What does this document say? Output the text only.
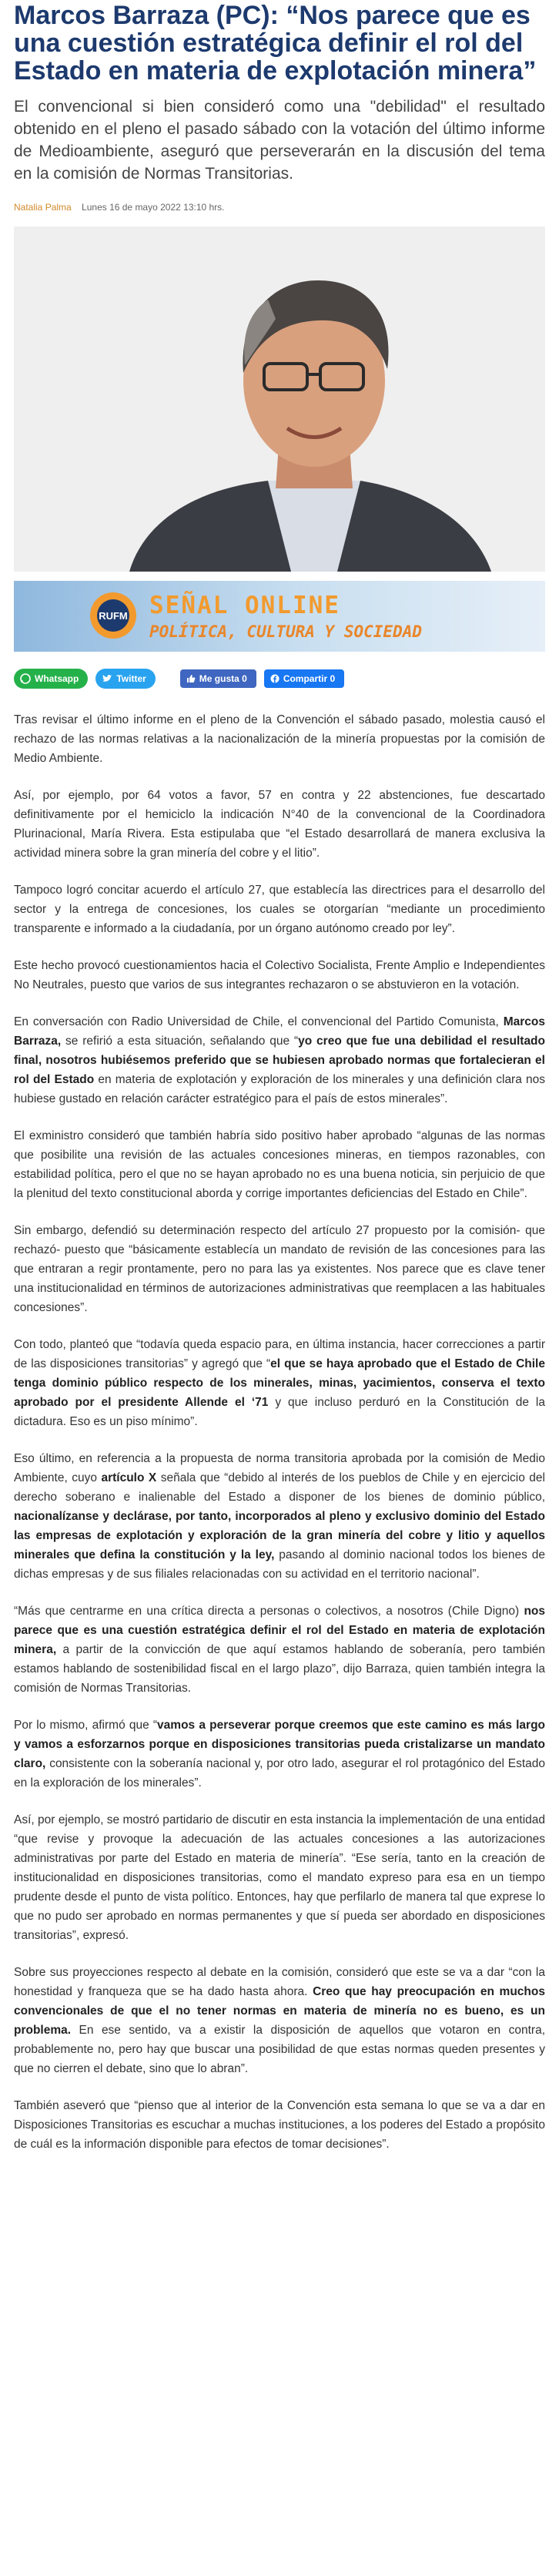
Marcos Barraza (PC): “Nos parece que es una cuestión estratégica definir el rol del Estado en materia de explotación minera”

El convencional si bien consideró como una "debilidad" el resultado obtenido en el pleno el pasado sábado con la votación del último informe de Medioambiente, aseguró que perseverarán en la discusión del tema en la comisión de Normas Transitorias.

Natalia Palma Lunes 16 de mayo 2022 13:10 hrs.
RUFM SEÑAL ONLINE
POLÍTICA, CULTURA Y SOCIEDAD
Whatsapp	Twitter	Me gusta 0	Compartir 0

Tras revisar el último informe en el pleno de la Convención el sábado pasado, molestia causó el rechazo de las normas relativas a la nacionalización de la minería propuestas por la comisión de Medio Ambiente.

Así, por ejemplo, por 64 votos a favor, 57 en contra y 22 abstenciones, fue descartado definitivamente por el hemiciclo la indicación N°40 de la convencional de la Coordinadora Plurinacional, María Rivera. Esta estipulaba que “el Estado desarrollará de manera exclusiva la actividad minera sobre la gran minería del cobre y el litio”.

Tampoco logró concitar acuerdo el artículo 27, que establecía las directrices para el desarrollo del sector y la entrega de concesiones, los cuales se otorgarían “mediante un procedimiento transparente e informado a la ciudadanía, por un órgano autónomo creado por ley”.

Este hecho provocó cuestionamientos hacia el Colectivo Socialista, Frente Amplio e Independientes No Neutrales, puesto que varios de sus integrantes rechazaron o se abstuvieron en la votación.

En conversación con Radio Universidad de Chile, el convencional del Partido Comunista, Marcos Barraza, se refirió a esta situación, señalando que “yo creo que fue una debilidad el resultado final, nosotros hubiésemos preferido que se hubiesen aprobado normas que fortalecieran el rol del Estado en materia de explotación y exploración de los minerales y una definición clara nos hubiese gustado en relación carácter estratégico para el país de estos minerales”.

El exministro consideró que también habría sido positivo haber aprobado “algunas de las normas que posibilite una revisión de las actuales concesiones mineras, en tiempos razonables, con estabilidad política, pero el que no se hayan aprobado no es una buena noticia, sin perjuicio de que la plenitud del texto constitucional aborda y corrige importantes deficiencias del Estado en Chile”.

Sin embargo, defendió su determinación respecto del artículo 27 propuesto por la comisión- que rechazó- puesto que “básicamente establecía un mandato de revisión de las concesiones para las que entraran a regir prontamente, pero no para las ya existentes. Nos parece que es clave tener una institucionalidad en términos de autorizaciones administrativas que reemplacen a las habituales concesiones”.

Con todo, planteó que “todavía queda espacio para, en última instancia, hacer correcciones a partir de las disposiciones transitorias” y agregó que “el que se haya aprobado que el Estado de Chile tenga dominio público respecto de los minerales, minas, yacimientos, conserva el texto aprobado por el presidente Allende el ‘71 y que incluso perduró en la Constitución de la dictadura. Eso es un piso mínimo”.

Eso último, en referencia a la propuesta de norma transitoria aprobada por la comisión de Medio Ambiente, cuyo artículo X señala que “debido al interés de los pueblos de Chile y en ejercicio del derecho soberano e inalienable del Estado a disponer de los bienes de dominio público, nacionalízanse y declárase, por tanto, incorporados al pleno y exclusivo dominio del Estado las empresas de explotación y exploración de la gran minería del cobre y litio y aquellos minerales que defina la constitución y la ley, pasando al dominio nacional todos los bienes de dichas empresas y de sus filiales relacionadas con su actividad en el territorio nacional”.

“Más que centrarme en una crítica directa a personas o colectivos, a nosotros (Chile Digno) nos parece que es una cuestión estratégica definir el rol del Estado en materia de explotación minera, a partir de la convicción de que aquí estamos hablando de soberanía, pero también estamos hablando de sostenibilidad fiscal en el largo plazo”, dijo Barraza, quien también integra la comisión de Normas Transitorias.

Por lo mismo, afirmó que “vamos a perseverar porque creemos que este camino es más largo y vamos a esforzarnos porque en disposiciones transitorias pueda cristalizarse un mandato claro, consistente con la soberanía nacional y, por otro lado, asegurar el rol protagónico del Estado en la exploración de los minerales”.

Así, por ejemplo, se mostró partidario de discutir en esta instancia la implementación de una entidad “que revise y provoque la adecuación de las actuales concesiones a las autorizaciones administrativas por parte del Estado en materia de minería”. “Ese sería, tanto en la creación de institucionalidad en disposiciones transitorias, como el mandato expreso para esa en un tiempo prudente desde el punto de vista político. Entonces, hay que perfilarlo de manera tal que exprese lo que no pudo ser aprobado en normas permanentes y que sí pueda ser abordado en disposiciones transitorias”, expresó.

Sobre sus proyecciones respecto al debate en la comisión, consideró que este se va a dar “con la honestidad y franqueza que se ha dado hasta ahora. Creo que hay preocupación en muchos convencionales de que el no tener normas en materia de minería no es bueno, es un problema. En ese sentido, va a existir la disposición de aquellos que votaron en contra, probablemente no, pero hay que buscar una posibilidad de que estas normas queden presentes y que no cierren el debate, sino que lo abran”.

También aseveró que “pienso que al interior de la Convención esta semana lo que se va a dar en Disposiciones Transitorias es escuchar a muchas instituciones, a los poderes del Estado a propósito de cuál es la información disponible para efectos de tomar decisiones”.
